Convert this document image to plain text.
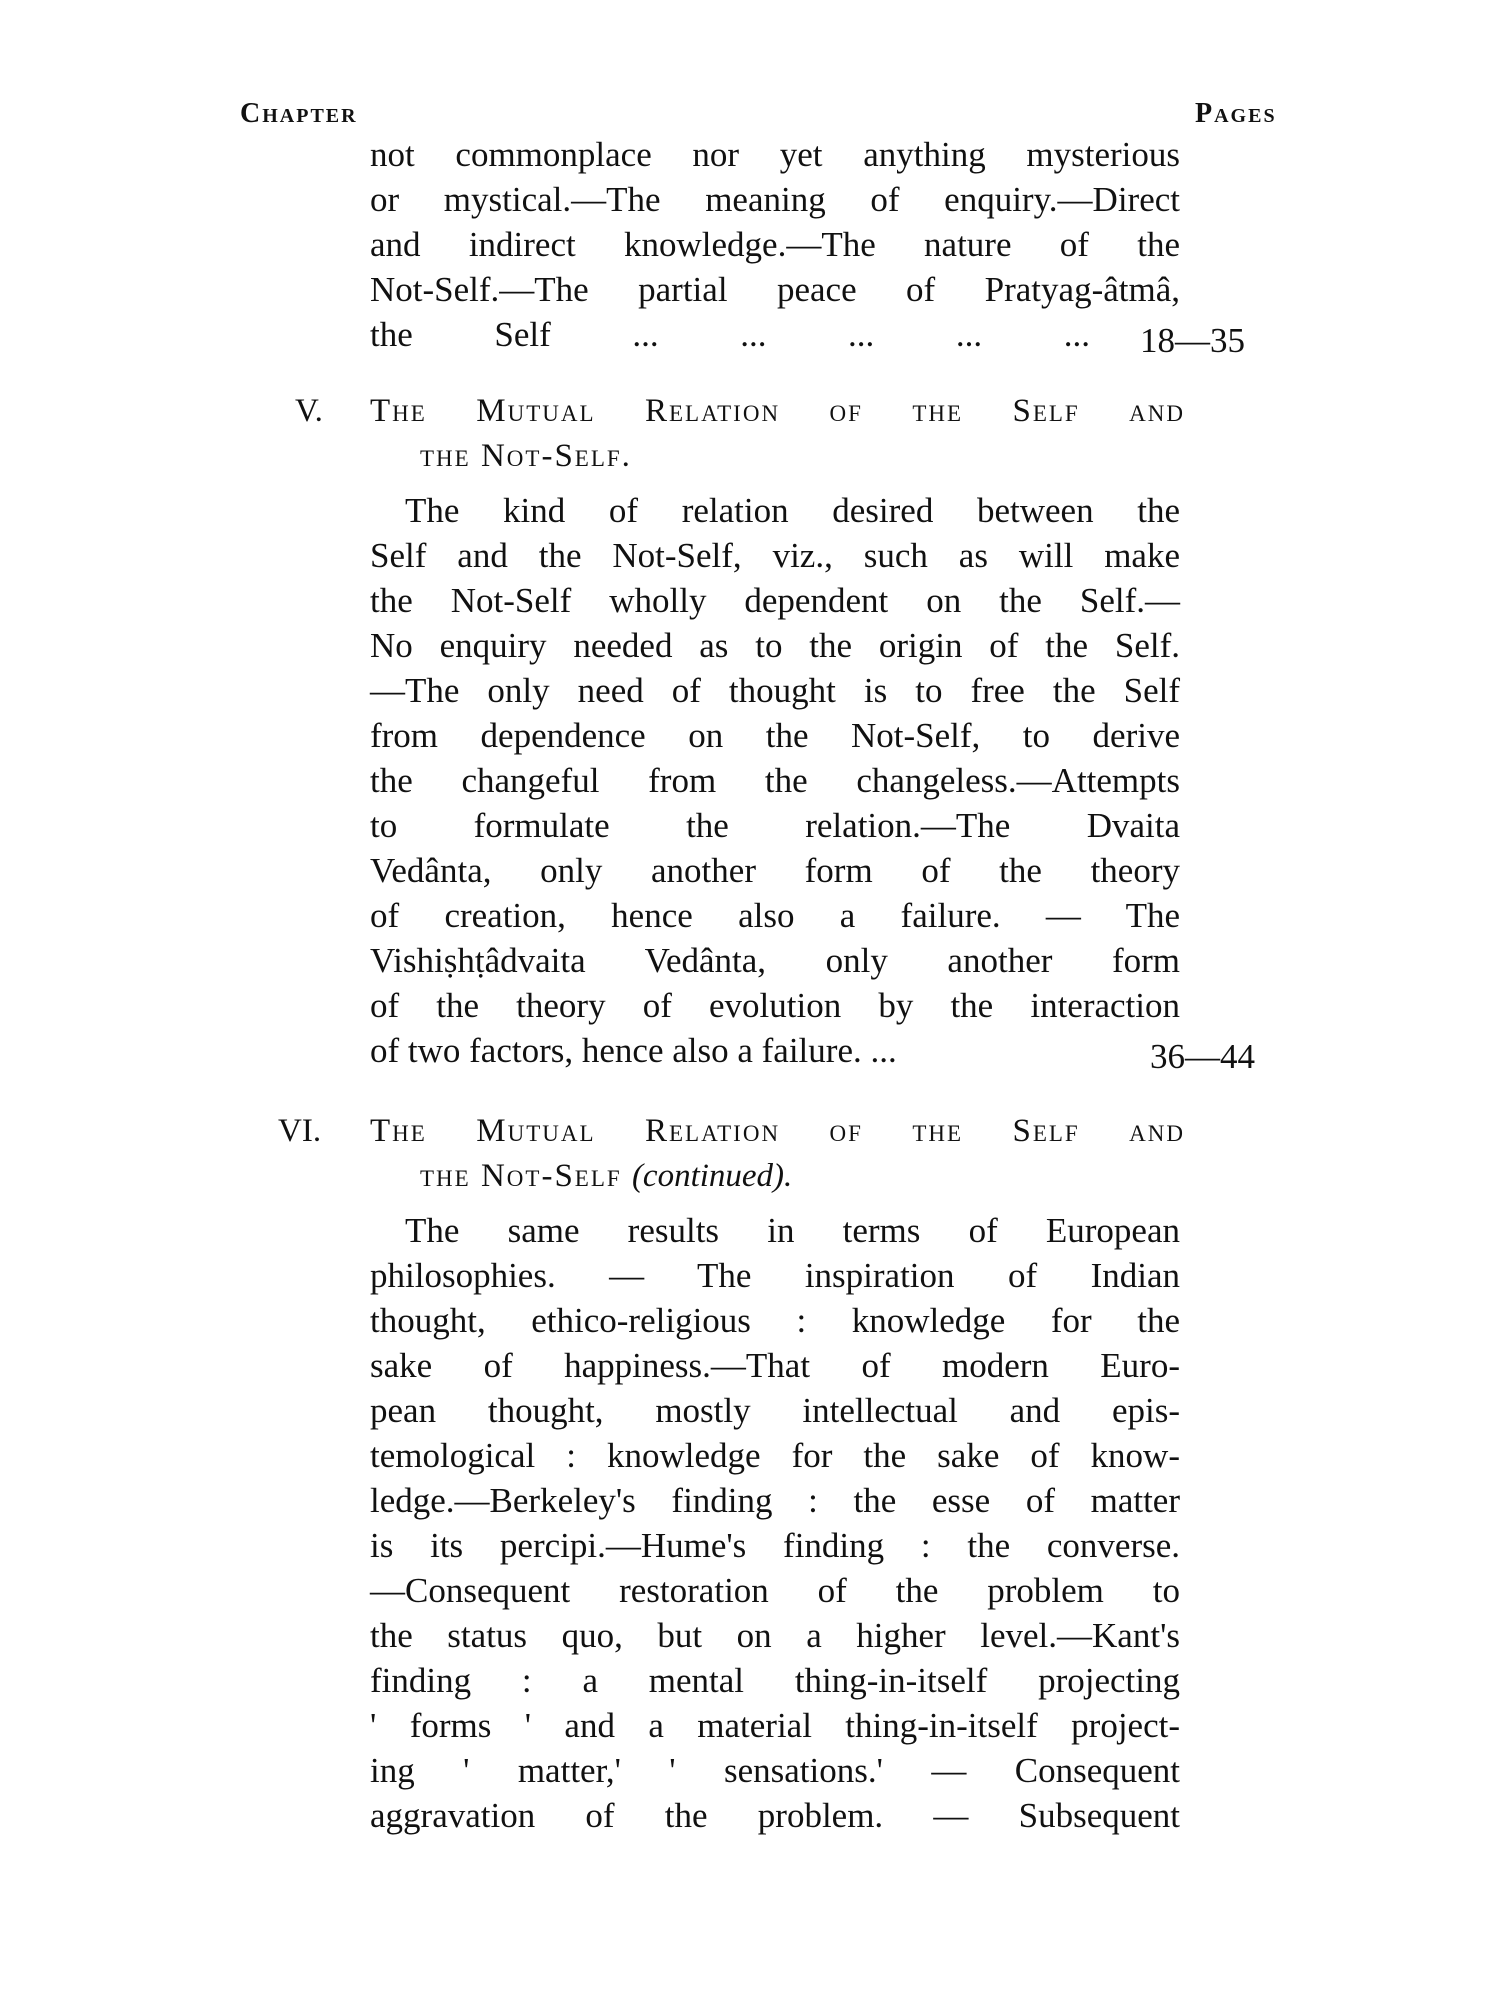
Chapter	Pages
not commonplace nor yet anything mysterious
or mystical.—The meaning of enquiry.—Direct
and indirect knowledge.—The nature of the
Not-Self.—The partial peace of Pratyag-âtmâ,
the Self ... ... ... ... ... 18—35
V. The Mutual Relation of the Self and
the Not-Self.
The kind of relation desired between the
Self and the Not-Self, viz., such as will make
the Not-Self wholly dependent on the Self.—
No enquiry needed as to the origin of the Self.
—The only need of thought is to free the Self
from dependence on the Not-Self, to derive
the changeful from the changeless.—Attempts
to formulate the relation.—The Dvaita
Vedânta, only another form of the theory
of creation, hence also a failure. — The
Vishiṣhṭâdvaita Vedânta, only another form
of the theory of evolution by the interaction
of two factors, hence also a failure. ...	36—44
VI. The Mutual Relation of the Self and
the Not-Self (continued).
The same results in terms of European
philosophies. — The inspiration of Indian
thought, ethico-religious : knowledge for the
sake of happiness.—That of modern Euro-
pean thought, mostly intellectual and epis-
temological : knowledge for the sake of know-
ledge.—Berkeley's finding : the esse of matter
is its percipi.—Hume's finding : the converse.
—Consequent restoration of the problem to
the status quo, but on a higher level.—Kant's
finding : a mental thing-in-itself projecting
' forms ' and a material thing-in-itself project-
ing ' matter,' ' sensations.' — Consequent
aggravation of the problem. — Subsequent
